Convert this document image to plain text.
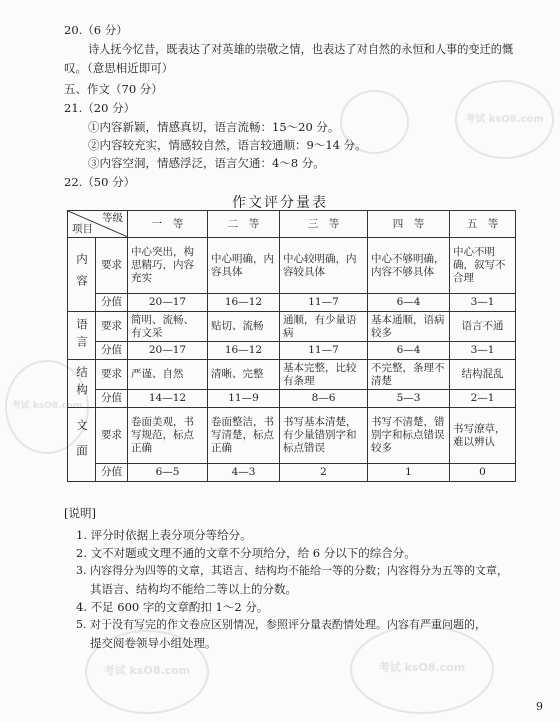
考试 ksO8.com
考试 ksO8.com
考试 ksO8.com	考试 ksO8.com
20.（6 分）
诗人抚今忆昔，既表达了对英雄的崇敬之情，也表达了对自然的永恒和人事的变迁的慨
叹。（意思相近即可）
五、作文（70 分）
21.（20 分）
①内容新颖，情感真切，语言流畅：15～20 分。
②内容较充实，情感较自然，语言较通顺：9～14 分。
③内容空洞，情感浮泛，语言欠通：4～8 分。
22.（50 分）
作文评分量表
等级
项目		一　等	二　等	三　等	四　等	五　等
内容	要求	中心突出，构思精巧，内容充实	中心明确，内容具体	中心较明确，内容较具体	中心不够明确，内容不够具体	中心不明确，叙写不合理
	分值	20—17	16—12	11—7	6—4	3—1
语言	要求	简明、流畅、有文采	贴切、流畅	通顺，有少量语病	基本通顺，语病较多	语言不通
	分值	20—17	16—12	11—7	6—4	3—1
结构	要求	严谨、自然	清晰、完整	基本完整，比较有条理	不完整，条理不清楚	结构混乱
	分值	14—12	11—9	8—6	5—3	2—1
文面	要求	卷面美观，书写规范，标点正确	卷面整洁，书写清楚，标点正确	书写基本清楚，有少量错别字和标点错误	书写不清楚，错别字和标点错误较多	书写潦草，难以辨认
	分值	6—5	4—3	2	1	0
[说明]
1. 评分时依据上表分项分等给分。
2. 文不对题或文理不通的文章不分项给分，给 6 分以下的综合分。
3. 内容得分为四等的文章，其语言、结构均不能给一等的分数；内容得分为五等的文章，
其语言、结构均不能给二等以上的分数。
4. 不足 600 字的文章酌扣 1～2 分。
5. 对于没有写完的作文卷应区别情况，参照评分量表酌情处理。内容有严重问题的，
提交阅卷领导小组处理。
9
